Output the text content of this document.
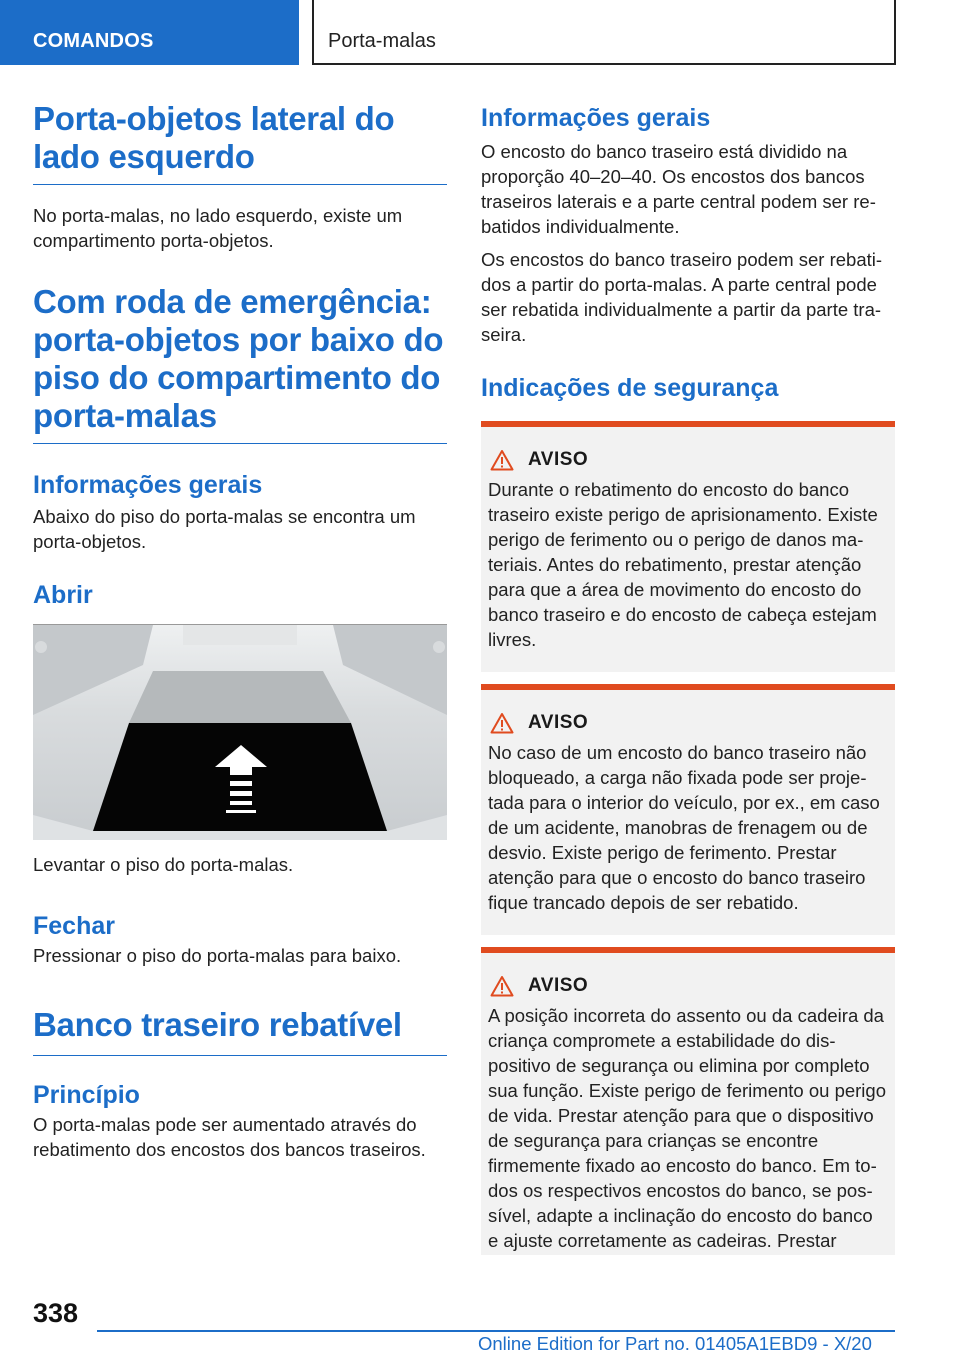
COMANDOS	Porta-malas
Porta-objetos lateral do lado esquerdo

No porta-malas, no lado esquerdo, existe um compartimento porta-objetos.

Com roda de emergência: porta-objetos por baixo do piso do compartimento do porta-malas
Informações gerais

Abaixo do piso do porta-malas se encontra um porta-objetos.

Abrir

Levantar o piso do porta-malas.

Fechar

Pressionar o piso do porta-malas para baixo.

Banco traseiro rebatível
Princípio

O porta-malas pode ser aumentado através do rebatimento dos encostos dos bancos traseiros.

Informações gerais

O encosto do banco traseiro está dividido na proporção 40–20–40. Os encostos dos bancos traseiros laterais e a parte central podem ser rebatidos individualmente.

Os encostos do banco traseiro podem ser rebatidos a partir do porta-malas. A parte central pode ser rebatida individualmente a partir da parte traseira.

Indicações de segurança
AVISO

Durante o rebatimento do encosto do banco traseiro existe perigo de aprisionamento. Existe perigo de ferimento ou o perigo de danos materiais. Antes do rebatimento, prestar atenção para que a área de movimento do encosto do banco traseiro e do encosto de cabeça estejam livres.

AVISO

No caso de um encosto do banco traseiro não bloqueado, a carga não fixada pode ser projetada para o interior do veículo, por ex., em caso de um acidente, manobras de frenagem ou de desvio. Existe perigo de ferimento. Prestar atenção para que o encosto do banco traseiro fique trancado depois de ser rebatido.

AVISO

A posição incorreta do assento ou da cadeira da criança compromete a estabilidade do dispositivo de segurança ou elimina por completo sua função. Existe perigo de ferimento ou perigo de vida. Prestar atenção para que o dispositivo de segurança para crianças se encontre firmemente fixado ao encosto do banco. Em todos os respectivos encostos do banco, se possível, adapte a inclinação do encosto do banco e ajuste corretamente as cadeiras. Prestar

338
Online Edition for Part no. 01405A1EBD9 - X/20
